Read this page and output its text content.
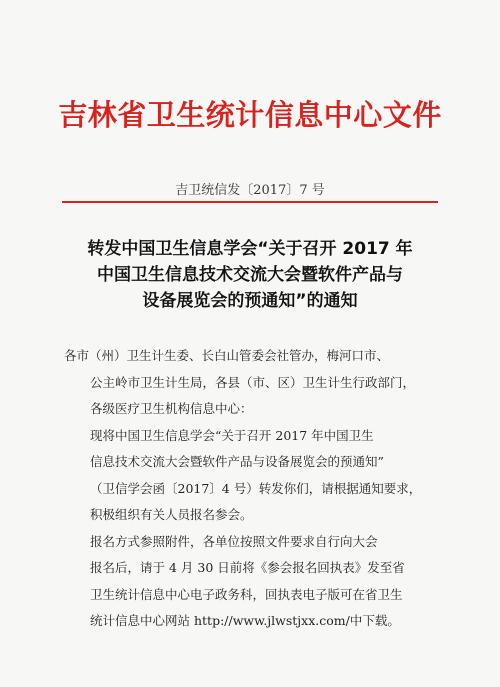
吉林省卫生统计信息中心文件
吉卫统信发〔2017〕7 号
转发中国卫生信息学会“关于召开 2017 年
中国卫生信息技术交流大会暨软件产品与
设备展览会的预通知”的通知

各市（州）卫生计生委、长白山管委会社管办，梅河口市、

公主岭市卫生计生局，各县（市、区）卫生计生行政部门，

各级医疗卫生机构信息中心：

现将中国卫生信息学会“关于召开 2017 年中国卫生

信息技术交流大会暨软件产品与设备展览会的预通知”

（卫信学会函〔2017〕4 号）转发你们，请根据通知要求，

积极组织有关人员报名参会。

报名方式参照附件，各单位按照文件要求自行向大会

报名后，请于 4 月 30 日前将《参会报名回执表》发至省

卫生统计信息中心电子政务科，回执表电子版可在省卫生

统计信息中心网站 http://www.jlwstjxx.com/中下载。
